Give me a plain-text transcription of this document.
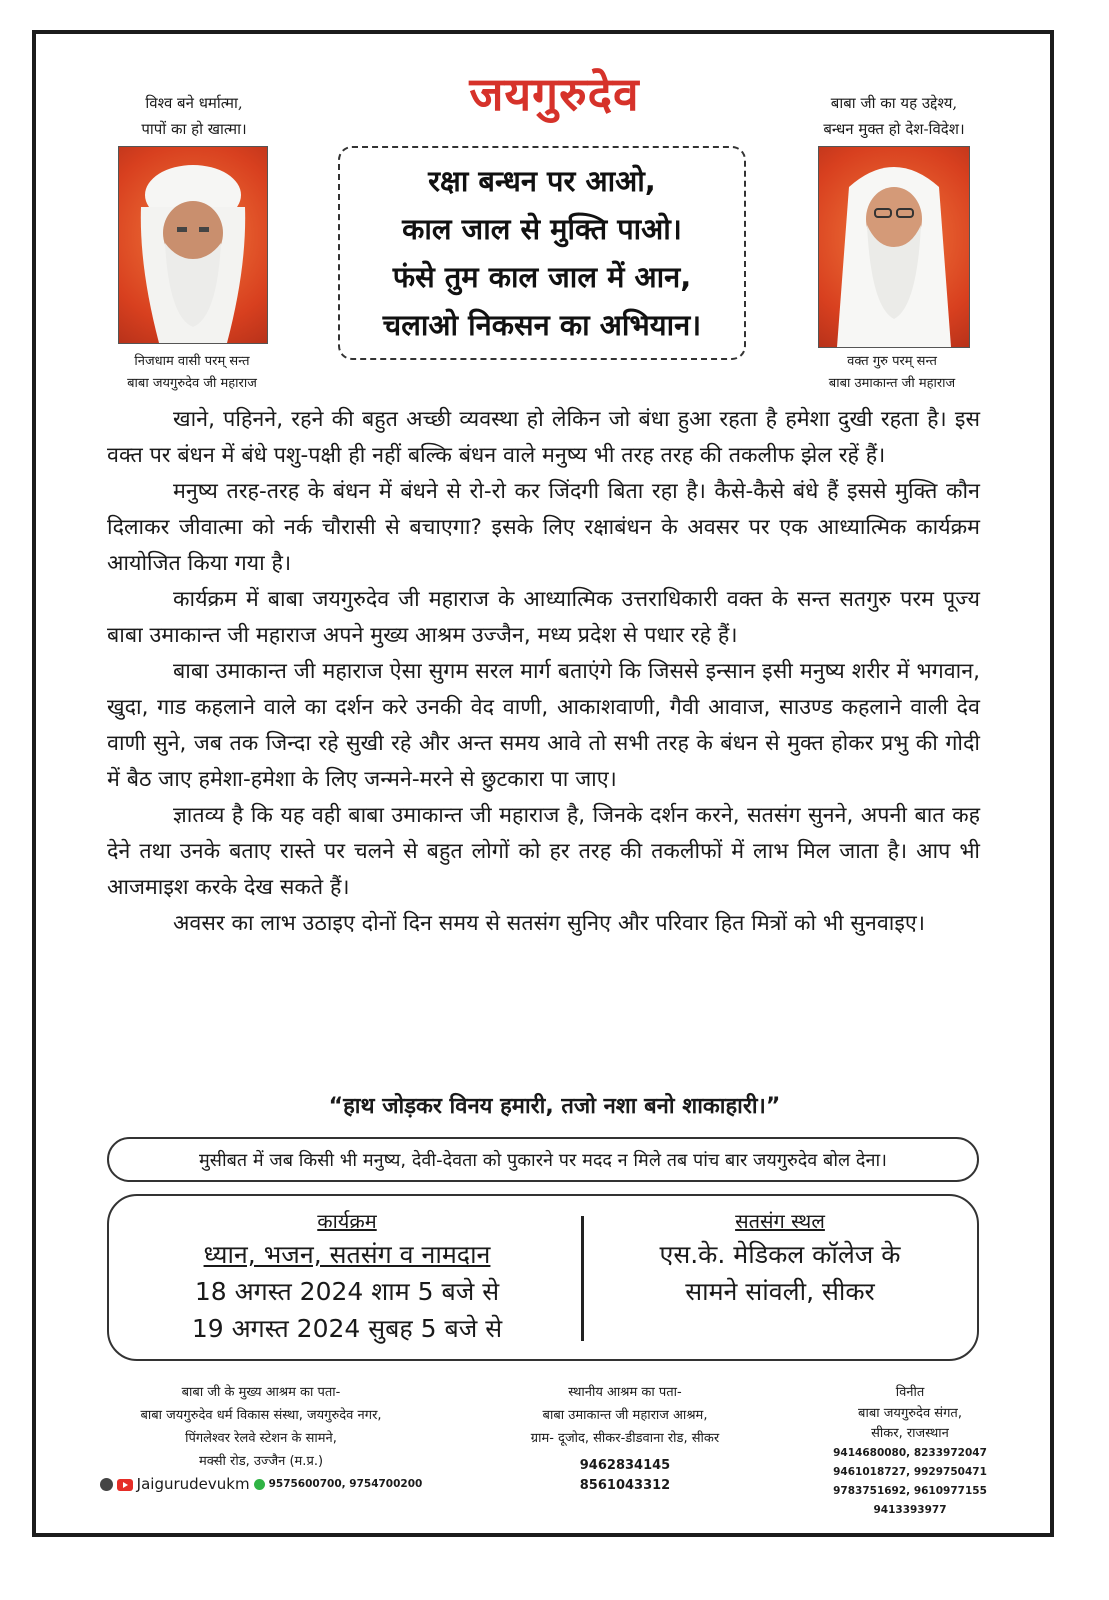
जयगुरुदेव
विश्व बने धर्मात्मा,
पापों का हो खात्मा।
निजधाम वासी परम् सन्त
बाबा जयगुरुदेव जी महाराज
बाबा जी का यह उद्देश्य,
बन्धन मुक्त हो देश-विदेश।
वक्त गुरु परम् सन्त
बाबा उमाकान्त जी महाराज
रक्षा बन्धन पर आओ,
काल जाल से मुक्ति पाओ।
फंसे तुम काल जाल में आन,
चलाओ निकसन का अभियान।

खाने, पहिनने, रहने की बहुत अच्छी व्यवस्था हो लेकिन जो बंधा हुआ रहता है हमेशा दुखी रहता है। इस वक्त पर बंधन में बंधे पशु-पक्षी ही नहीं बल्कि बंधन वाले मनुष्य भी तरह तरह की तकलीफ झेल रहें हैं।

मनुष्य तरह-तरह के बंधन में बंधने से रो-रो कर जिंदगी बिता रहा है। कैसे-कैसे बंधे हैं इससे मुक्ति कौन दिलाकर जीवात्मा को नर्क चौरासी से बचाएगा? इसके लिए रक्षाबंधन के अवसर पर एक आध्यात्मिक कार्यक्रम आयोजित किया गया है।

कार्यक्रम में बाबा जयगुरुदेव जी महाराज के आध्यात्मिक उत्तराधिकारी वक्त के सन्त सतगुरु परम पूज्य बाबा उमाकान्त जी महाराज अपने मुख्य आश्रम उज्जैन, मध्य प्रदेश से पधार रहे हैं।

बाबा उमाकान्त जी महाराज ऐसा सुगम सरल मार्ग बताएंगे कि जिससे इन्सान इसी मनुष्य शरीर में भगवान, खुदा, गाड कहलाने वाले का दर्शन करे उनकी वेद वाणी, आकाशवाणी, गैवी आवाज, साउण्ड कहलाने वाली देव वाणी सुने, जब तक जिन्दा रहे सुखी रहे और अन्त समय आवे तो सभी तरह के बंधन से मुक्त होकर प्रभु की गोदी में बैठ जाए हमेशा-हमेशा के लिए जन्मने-मरने से छुटकारा पा जाए।

ज्ञातव्य है कि यह वही बाबा उमाकान्त जी महाराज है, जिनके दर्शन करने, सतसंग सुनने, अपनी बात कह देने तथा उनके बताए रास्ते पर चलने से बहुत लोगों को हर तरह की तकलीफों में लाभ मिल जाता है। आप भी आजमाइश करके देख सकते हैं।

अवसर का लाभ उठाइए दोनों दिन समय से सतसंग सुनिए और परिवार हित मित्रों को भी सुनवाइए।

“हाथ जोड़कर विनय हमारी, तजो नशा बनो शाकाहारी।”
मुसीबत में जब किसी भी मनुष्य, देवी-देवता को पुकारने पर मदद न मिले तब पांच बार जयगुरुदेव बोल देना।
कार्यक्रम
ध्यान, भजन, सतसंग व नामदान
18 अगस्त 2024 शाम 5 बजे से
19 अगस्त 2024 सुबह 5 बजे से
सतसंग स्थल
एस.के. मेडिकल कॉलेज के
सामने सांवली, सीकर
बाबा जी के मुख्य आश्रम का पता-
बाबा जयगुरुदेव धर्म विकास संस्था, जयगुरुदेव नगर,
पिंगलेश्वर रेलवे स्टेशन के सामने,
मक्सी रोड, उज्जैन (म.प्र.)
Jaigurudevukm 9575600700, 9754700200
स्थानीय आश्रम का पता-
बाबा उमाकान्त जी महाराज आश्रम,
ग्राम- दूजोद, सीकर-डीडवाना रोड, सीकर
9462834145
8561043312
विनीत
बाबा जयगुरुदेव संगत,
सीकर, राजस्थान
9414680080, 8233972047
9461018727, 9929750471
9783751692, 9610977155
9413393977
